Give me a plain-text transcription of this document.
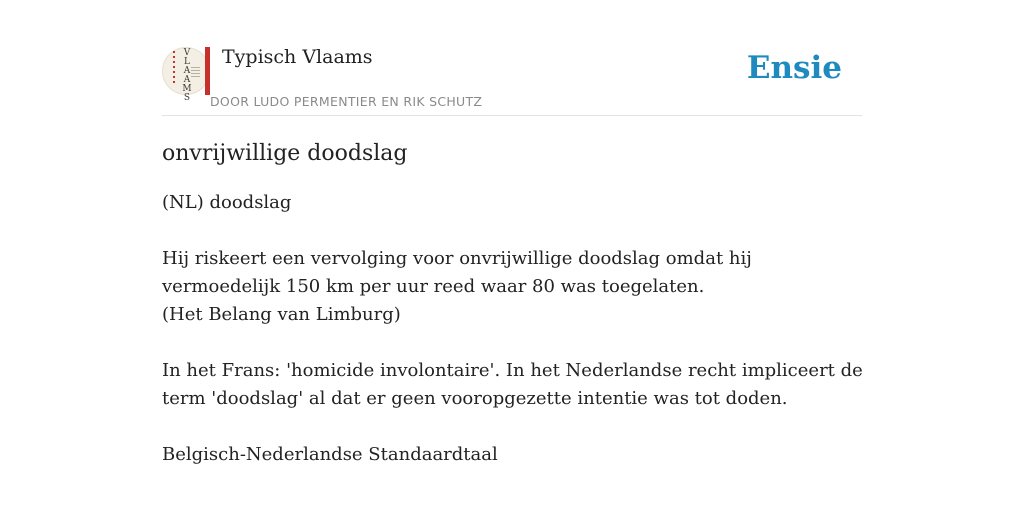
V
L
A
A
M
S
Typisch Vlaams
DOOR LUDO PERMENTIER EN RIK SCHUTZ
Ensie
onvrijwillige doodslag

(NL) doodslag

Hij riskeert een vervolging voor onvrijwillige doodslag omdat hij vermoedelijk 150 km per uur reed waar 80 was toegelaten.

(Het Belang van Limburg)

In het Frans: 'homicide involontaire'. In het Nederlandse recht impliceert de term 'doodslag' al dat er geen vooropgezette intentie was tot doden.

Belgisch-Nederlandse Standaardtaal
